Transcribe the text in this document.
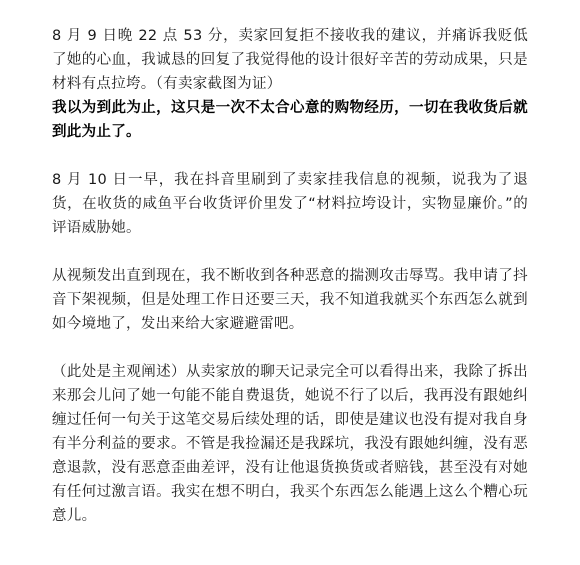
8 月 9 日晚 22 点 53 分，卖家回复拒不接收我的建议，并痛诉我贬低了她的心血，我诚恳的回复了我觉得他的设计很好辛苦的劳动成果，只是材料有点拉垮。（有卖家截图为证）

我以为到此为止，这只是一次不太合心意的购物经历，一切在我收货后就到此为止了。

8 月 10 日一早，我在抖音里刷到了卖家挂我信息的视频，说我为了退货，在收货的咸鱼平台收货评价里发了“材料拉垮设计，实物显廉价。”的评语威胁她。

从视频发出直到现在，我不断收到各种恶意的揣测攻击辱骂。我申请了抖音下架视频，但是处理工作日还要三天，我不知道我就买个东西怎么就到如今境地了，发出来给大家避避雷吧。

（此处是主观阐述）从卖家放的聊天记录完全可以看得出来，我除了拆出来那会儿问了她一句能不能自费退货，她说不行了以后，我再没有跟她纠缠过任何一句关于这笔交易后续处理的话，即使是建议也没有提对我自身有半分利益的要求。不管是我捡漏还是我踩坑，我没有跟她纠缠，没有恶意退款，没有恶意歪曲差评，没有让他退货换货或者赔钱，甚至没有对她有任何过激言语。我实在想不明白，我买个东西怎么能遇上这么个糟心玩意儿。
